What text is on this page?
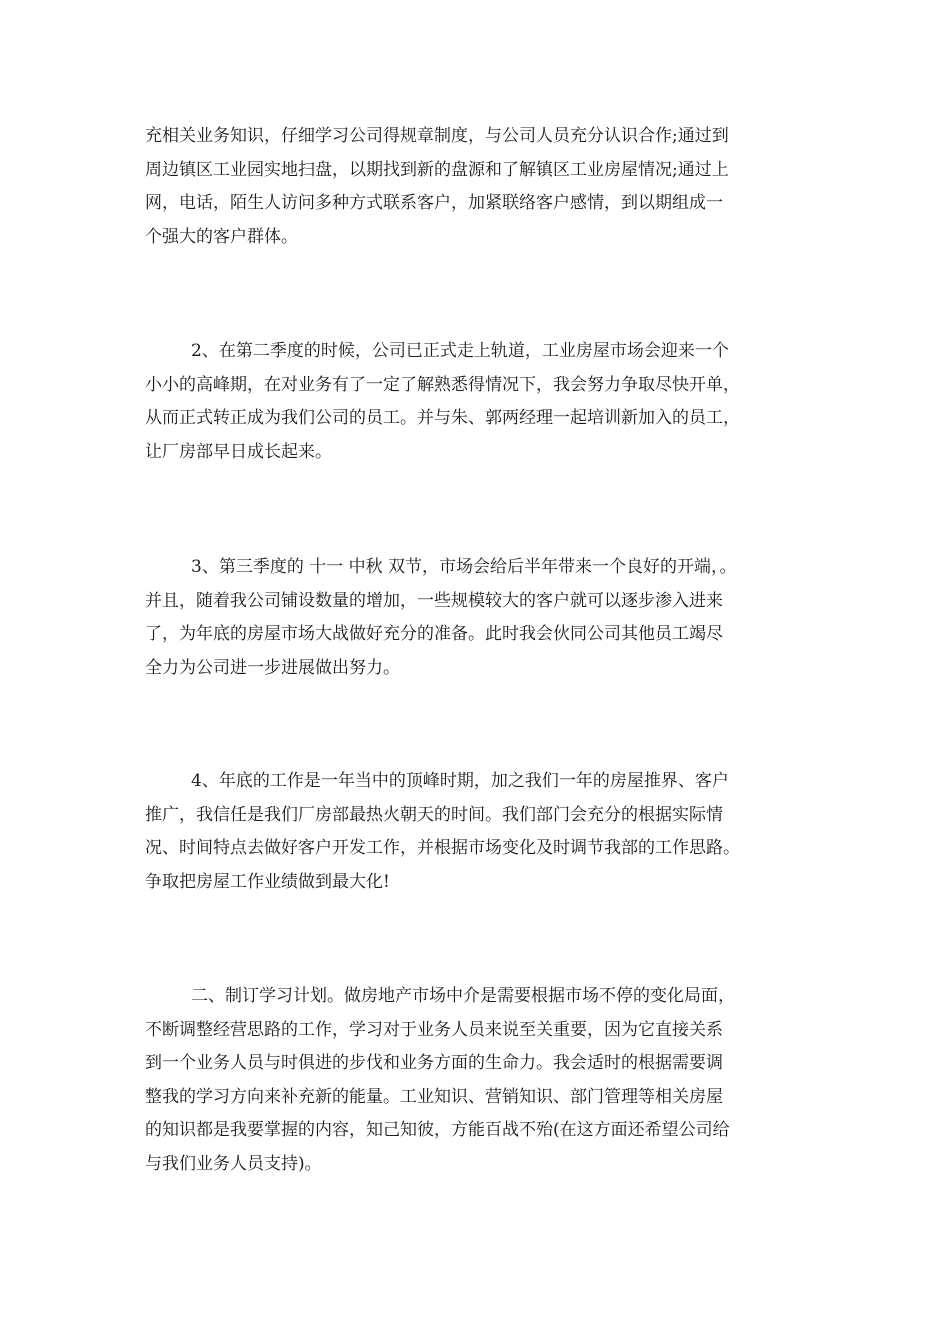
充相关业务知识，仔细学习公司得规章制度，与公司人员充分认识合作;通过到
周边镇区工业园实地扫盘，以期找到新的盘源和了解镇区工业房屋情况;通过上
网，电话，陌生人访问多种方式联系客户，加紧联络客户感情，到以期组成一
个强大的客户群体。

2、在第二季度的时候，公司已正式走上轨道，工业房屋市场会迎来一个
小小的高峰期，在对业务有了一定了解熟悉得情况下，我会努力争取尽快开单，
从而正式转正成为我们公司的员工。并与朱、郭两经理一起培训新加入的员工，
让厂房部早日成长起来。

3、第三季度的 十一 中秋 双节，市场会给后半年带来一个良好的开端，。
并且，随着我公司铺设数量的增加，一些规模较大的客户就可以逐步渗入进来
了，为年底的房屋市场大战做好充分的准备。此时我会伙同公司其他员工竭尽
全力为公司进一步进展做出努力。

4、年底的工作是一年当中的顶峰时期，加之我们一年的房屋推界、客户
推广，我信任是我们厂房部最热火朝天的时间。我们部门会充分的根据实际情
况、时间特点去做好客户开发工作，并根据市场变化及时调节我部的工作思路。
争取把房屋工作业绩做到最大化!

二、制订学习计划。做房地产市场中介是需要根据市场不停的变化局面，
不断调整经营思路的工作，学习对于业务人员来说至关重要，因为它直接关系
到一个业务人员与时俱进的步伐和业务方面的生命力。我会适时的根据需要调
整我的学习方向来补充新的能量。工业知识、营销知识、部门管理等相关房屋
的知识都是我要掌握的内容，知己知彼，方能百战不殆(在这方面还希望公司给
与我们业务人员支持)。
